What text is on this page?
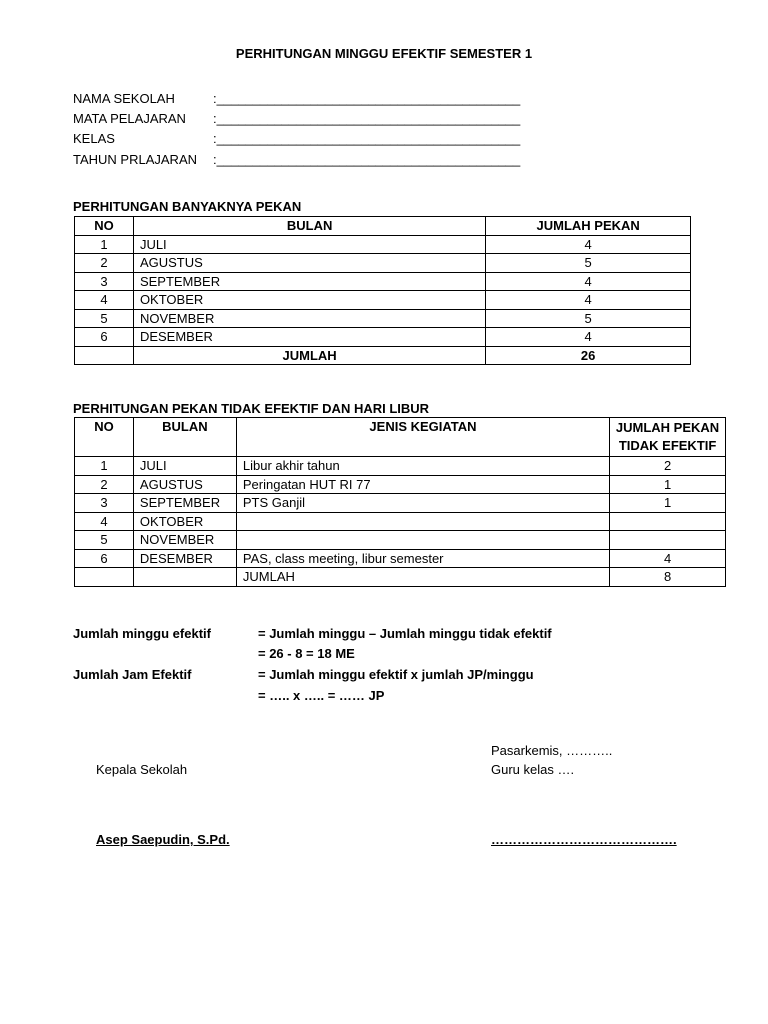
PERHITUNGAN MINGGU EFEKTIF SEMESTER 1
NAMA SEKOLAH	:__________________________________________
MATA PELAJARAN	:__________________________________________
KELAS	:__________________________________________
TAHUN PRLAJARAN	:__________________________________________
PERHITUNGAN BANYAKNYA PEKAN
NO	BULAN	JUMLAH PEKAN
1	JULI	4
2	AGUSTUS	5
3	SEPTEMBER	4
4	OKTOBER	4
5	NOVEMBER	5
6	DESEMBER	4
	JUMLAH	26
PERHITUNGAN PEKAN TIDAK EFEKTIF DAN HARI LIBUR
NO	BULAN	JENIS KEGIATAN	JUMLAH PEKAN
TIDAK EFEKTIF

1	JULI	Libur akhir tahun	2
2	AGUSTUS	Peringatan HUT RI 77	1
3	SEPTEMBER	PTS Ganjil	1
4	OKTOBER		
5	NOVEMBER		
6	DESEMBER	PAS, class meeting, libur semester	4
		JUMLAH	8
Jumlah minggu efektif	= Jumlah minggu – Jumlah minggu tidak efektif
= 26 - 8 = 18 ME
Jumlah Jam Efektif	= Jumlah minggu efektif x jumlah JP/minggu
= ….. x ….. = …… JP
Pasarkemis, ………..
Kepala Sekolah	Guru kelas ….
Asep Saepudin, S.Pd.	…………………………………….
